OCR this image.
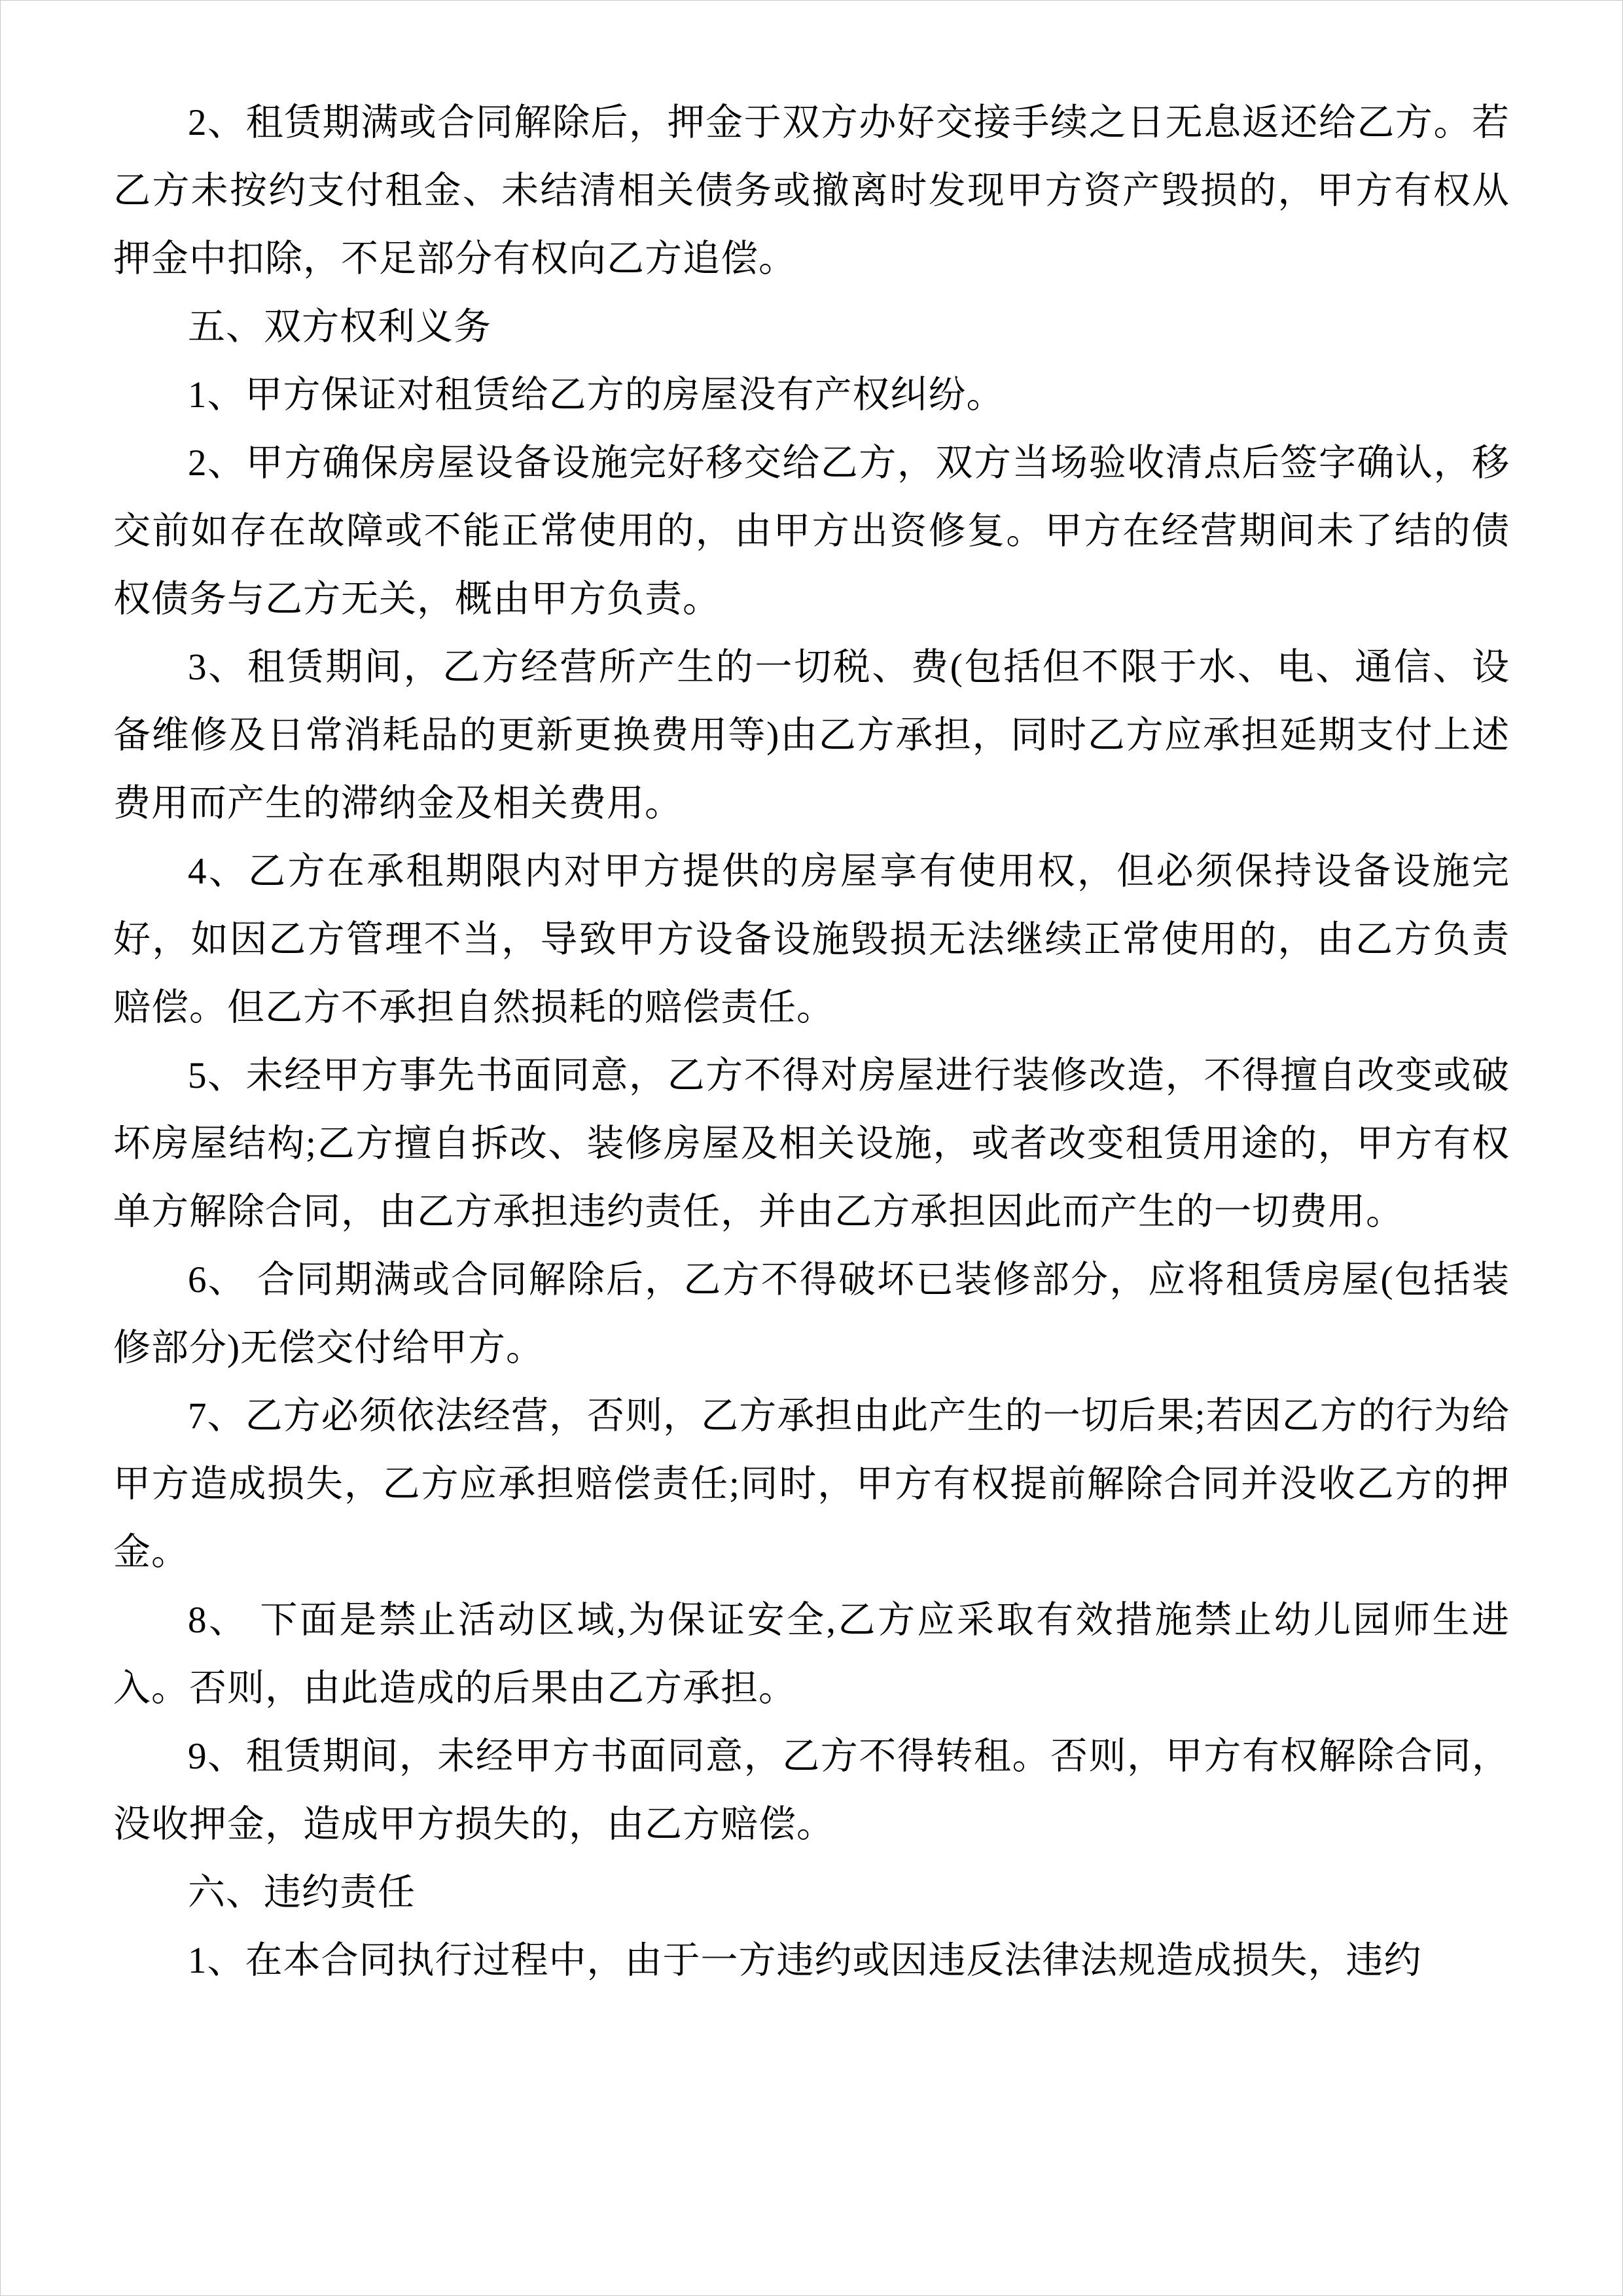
2、租赁期满或合同解除后，押金于双方办好交接手续之日无息返还给乙方。若乙方未按约支付租金、未结清相关债务或撤离时发现甲方资产毁损的，甲方有权从押金中扣除，不足部分有权向乙方追偿。

五、双方权利义务

1、甲方保证对租赁给乙方的房屋没有产权纠纷。

2、甲方确保房屋设备设施完好移交给乙方，双方当场验收清点后签字确认，移交前如存在故障或不能正常使用的，由甲方出资修复。甲方在经营期间未了结的债权债务与乙方无关，概由甲方负责。

3、租赁期间，乙方经营所产生的一切税、费(包括但不限于水、电、通信、设备维修及日常消耗品的更新更换费用等)由乙方承担，同时乙方应承担延期支付上述费用而产生的滞纳金及相关费用。

4、乙方在承租期限内对甲方提供的房屋享有使用权，但必须保持设备设施完好，如因乙方管理不当，导致甲方设备设施毁损无法继续正常使用的，由乙方负责赔偿。但乙方不承担自然损耗的赔偿责任。

5、未经甲方事先书面同意，乙方不得对房屋进行装修改造，不得擅自改变或破坏房屋结构;乙方擅自拆改、装修房屋及相关设施，或者改变租赁用途的，甲方有权单方解除合同，由乙方承担违约责任，并由乙方承担因此而产生的一切费用。

6、 合同期满或合同解除后，乙方不得破坏已装修部分，应将租赁房屋(包括装修部分)无偿交付给甲方。

7、乙方必须依法经营，否则，乙方承担由此产生的一切后果;若因乙方的行为给甲方造成损失，乙方应承担赔偿责任;同时，甲方有权提前解除合同并没收乙方的押金。

8、 下面是禁止活动区域,为保证安全,乙方应采取有效措施禁止幼儿园师生进入。否则，由此造成的后果由乙方承担。

9、租赁期间，未经甲方书面同意，乙方不得转租。否则，甲方有权解除合同，没收押金，造成甲方损失的，由乙方赔偿。

六、违约责任

1、在本合同执行过程中，由于一方违约或因违反法律法规造成损失，违约
